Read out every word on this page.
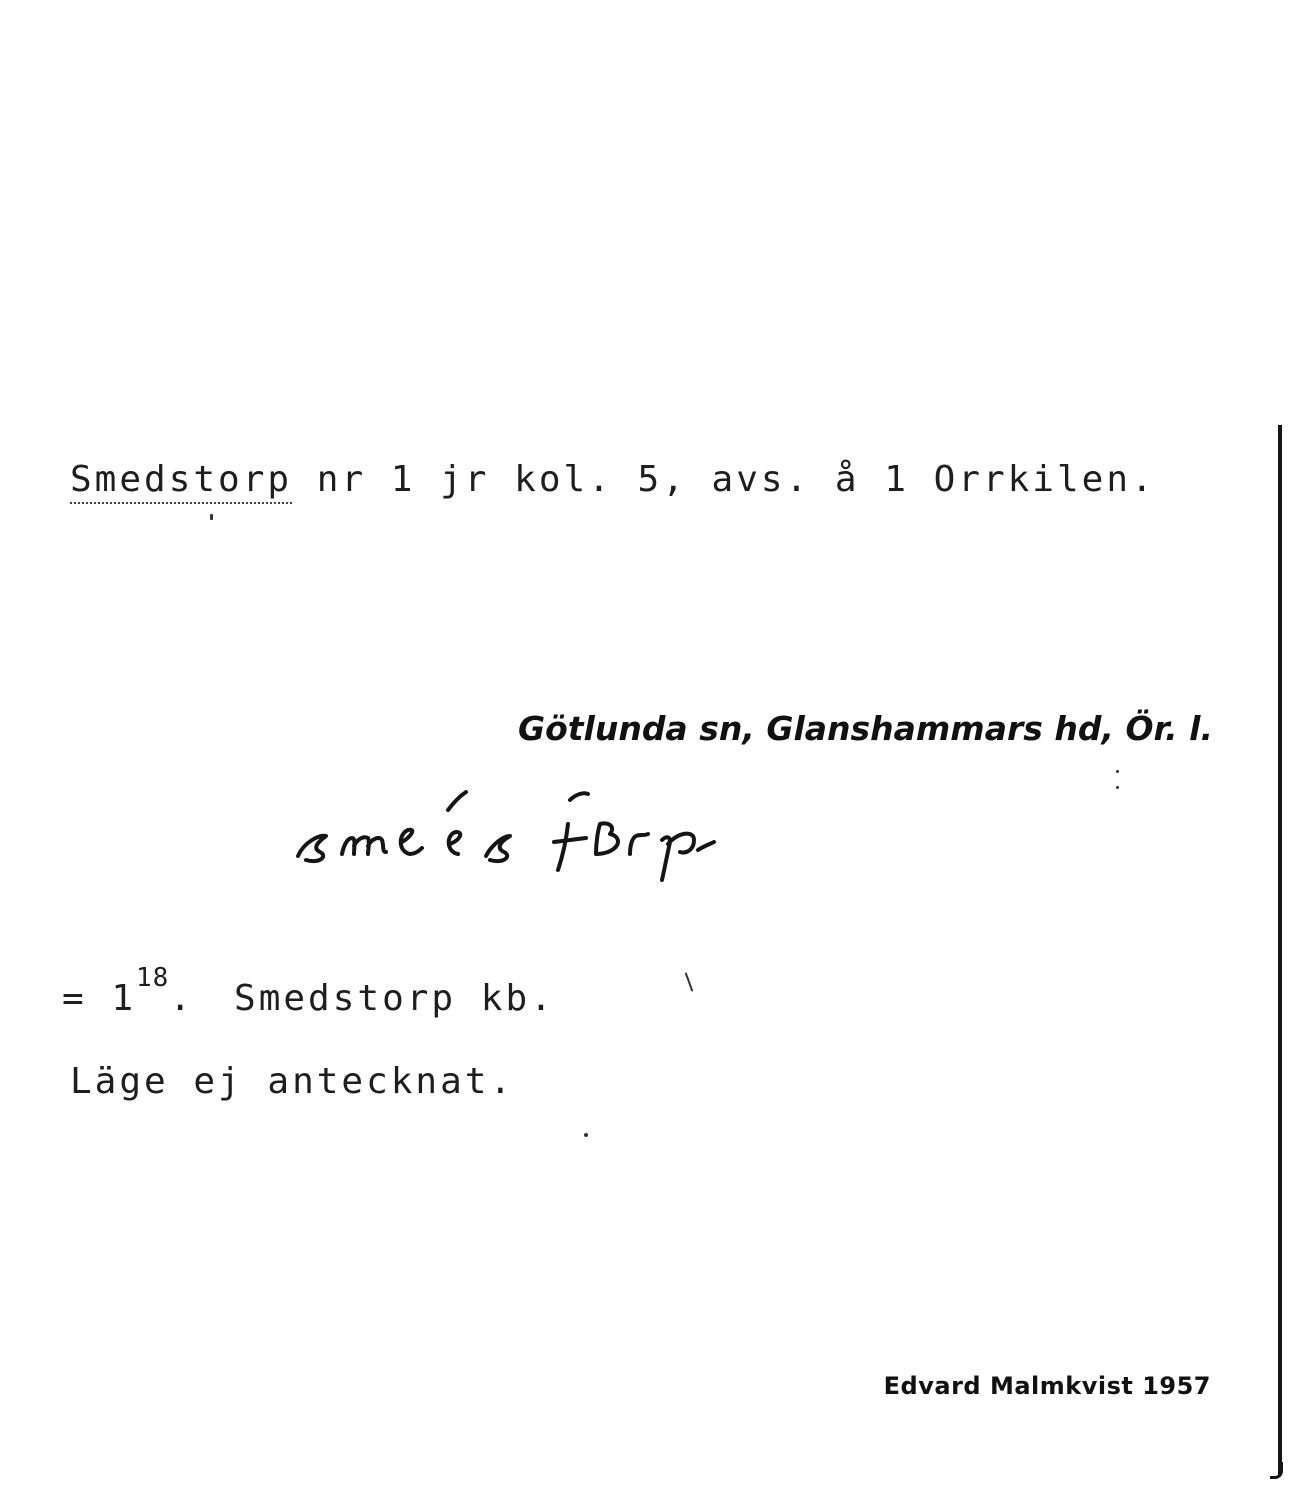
Smedstorp nr 1 jr kol. 5, avs. å 1 Orrkilen.
Götlunda sn, Glanshammars hd, Ör. l.
= $1^{18}$. Smedstorp kb.
Läge ej antecknat.
Edvard Malmkvist 1957
